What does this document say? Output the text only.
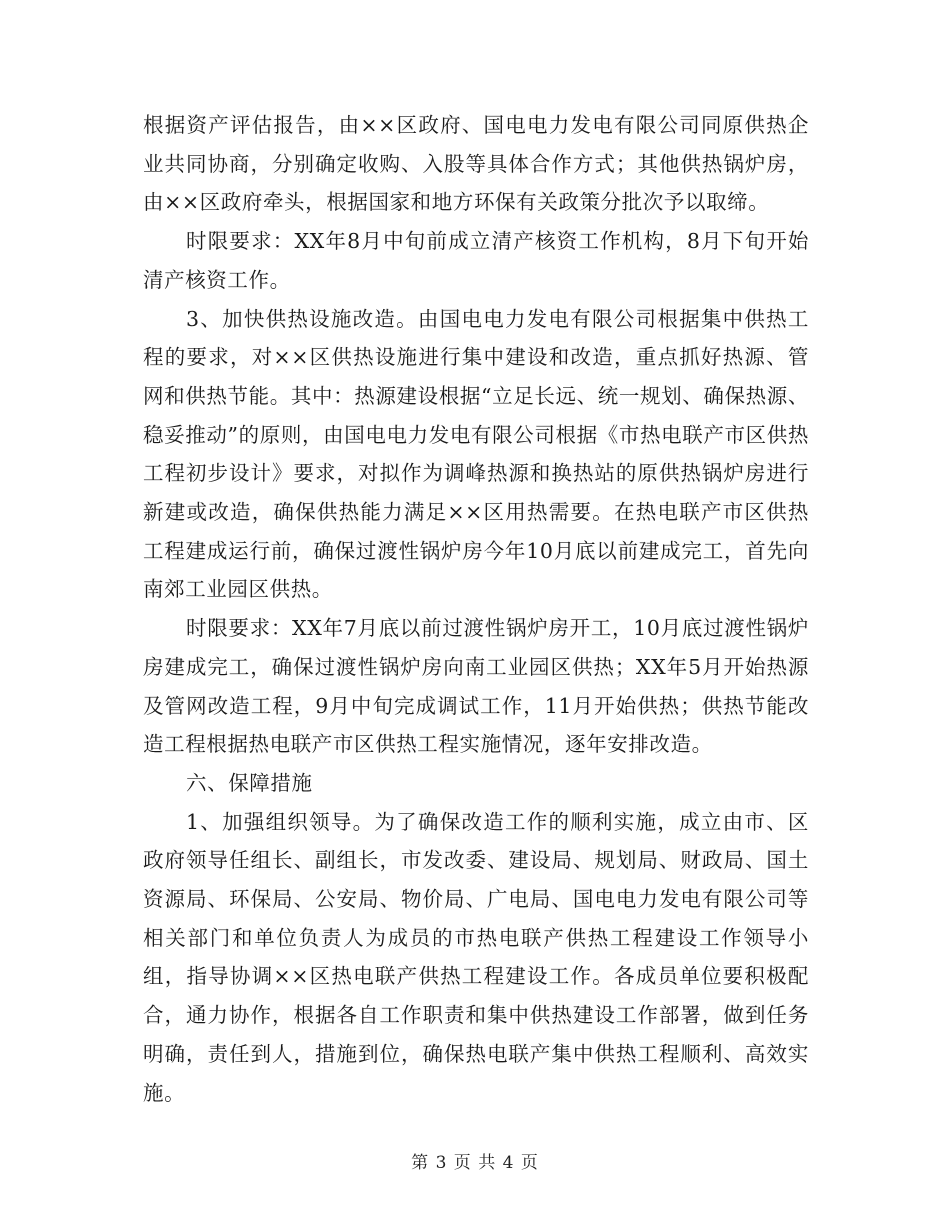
根据资产评估报告，由××区政府、国电电力发电有限公司同原供热企业共同协商，分别确定收购、入股等具体合作方式；其他供热锅炉房，由××区政府牵头，根据国家和地方环保有关政策分批次予以取缔。

时限要求：XX年8月中旬前成立清产核资工作机构，8月下旬开始清产核资工作。

3、加快供热设施改造。由国电电力发电有限公司根据集中供热工程的要求，对××区供热设施进行集中建设和改造，重点抓好热源、管网和供热节能。其中：热源建设根据“立足长远、统一规划、确保热源、稳妥推动”的原则，由国电电力发电有限公司根据《市热电联产市区供热工程初步设计》要求，对拟作为调峰热源和换热站的原供热锅炉房进行新建或改造，确保供热能力满足××区用热需要。在热电联产市区供热工程建成运行前，确保过渡性锅炉房今年10月底以前建成完工，首先向南郊工业园区供热。

时限要求：XX年7月底以前过渡性锅炉房开工，10月底过渡性锅炉房建成完工，确保过渡性锅炉房向南工业园区供热；XX年5月开始热源及管网改造工程，9月中旬完成调试工作，11月开始供热；供热节能改造工程根据热电联产市区供热工程实施情况，逐年安排改造。

六、保障措施

1、加强组织领导。为了确保改造工作的顺利实施，成立由市、区政府领导任组长、副组长，市发改委、建设局、规划局、财政局、国土资源局、环保局、公安局、物价局、广电局、国电电力发电有限公司等相关部门和单位负责人为成员的市热电联产供热工程建设工作领导小组，指导协调××区热电联产供热工程建设工作。各成员单位要积极配合，通力协作，根据各自工作职责和集中供热建设工作部署，做到任务明确，责任到人，措施到位，确保热电联产集中供热工程顺利、高效实施。

第 3 页 共 4 页
